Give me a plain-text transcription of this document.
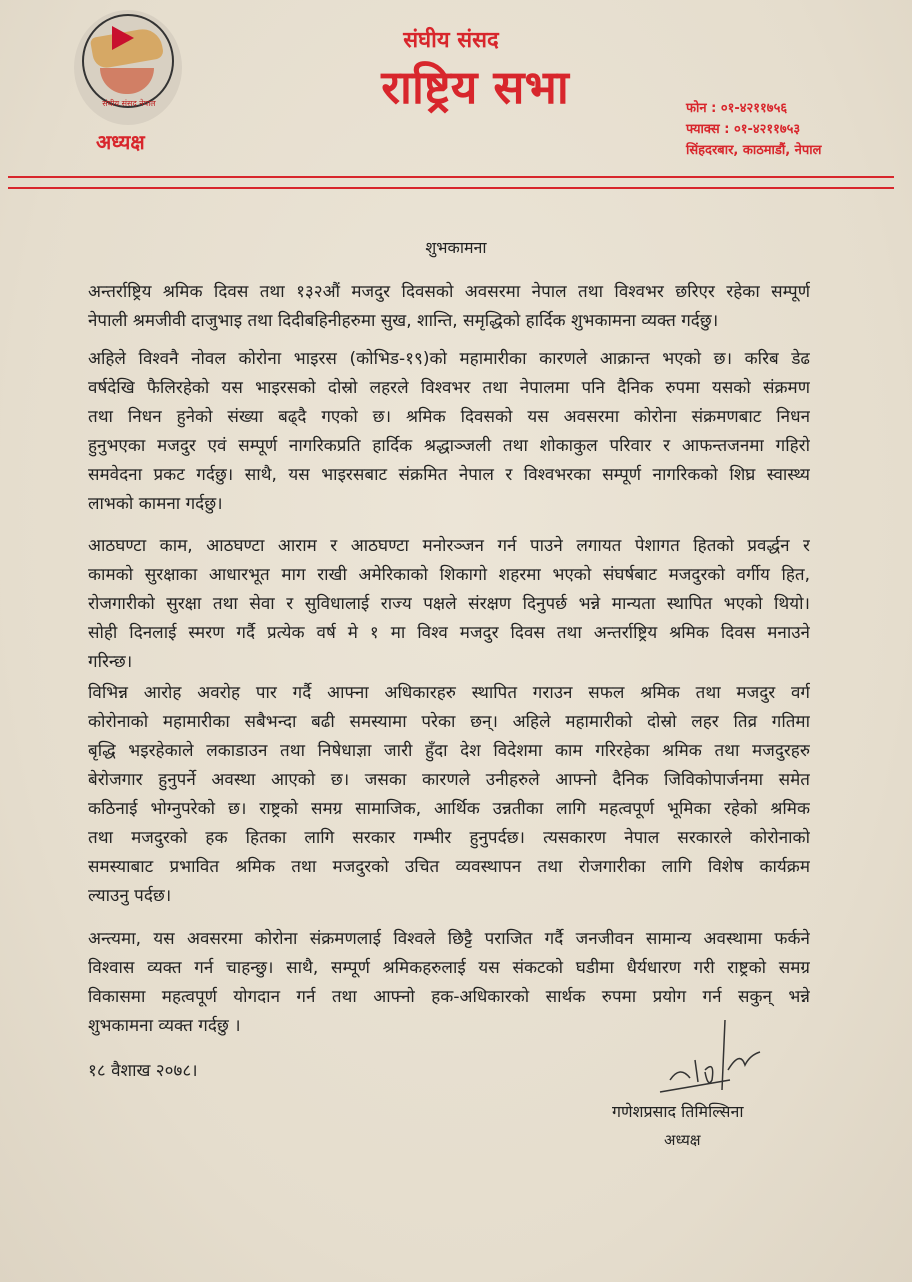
संघीय संसद नेपाल
अध्यक्ष
संघीय संसद
राष्ट्रिय सभा	फोन : ०१-४२११७५६
फ्याक्स : ०१-४२११७५३
सिंहदरबार, काठमाडौं, नेपाल
शुभकामना
अन्तर्राष्ट्रिय श्रमिक दिवस तथा १३२औं मजदुर दिवसको अवसरमा नेपाल तथा विश्वभर छरिएर रहेका सम्पूर्ण
नेपाली श्रमजीवी दाजुभाइ तथा दिदीबहिनीहरुमा सुख, शान्ति, समृद्धिको हार्दिक शुभकामना व्यक्त गर्दछु।
अहिले विश्वनै नोवल कोरोना भाइरस (कोभिड-१९)को महामारीका कारणले आक्रान्त भएको छ। करिब डेढ
वर्षदेखि फैलिरहेको यस भाइरसको दोस्रो लहरले विश्वभर तथा नेपालमा पनि दैनिक रुपमा यसको संक्रमण
तथा निधन हुनेको संख्या बढ्दै गएको छ। श्रमिक दिवसको यस अवसरमा कोरोना संक्रमणबाट निधन
हुनुभएका मजदुर एवं सम्पूर्ण नागरिकप्रति हार्दिक श्रद्धाञ्जली तथा शोकाकुल परिवार र आफन्तजनमा गहिरो
समवेदना प्रकट गर्दछु। साथै, यस भाइरसबाट संक्रमित नेपाल र विश्वभरका सम्पूर्ण नागरिकको शिघ्र स्वास्थ्य
लाभको कामना गर्दछु।
आठघण्टा काम, आठघण्टा आराम र आठघण्टा मनोरञ्जन गर्न पाउने लगायत पेशागत हितको प्रवर्द्धन र
कामको सुरक्षाका आधारभूत माग राखी अमेरिकाको शिकागो शहरमा भएको संघर्षबाट मजदुरको वर्गीय हित,
रोजगारीको सुरक्षा तथा सेवा र सुविधालाई राज्य पक्षले संरक्षण दिनुपर्छ भन्ने मान्यता स्थापित भएको थियो।
सोही दिनलाई स्मरण गर्दै प्रत्येक वर्ष मे १ मा विश्व मजदुर दिवस तथा अन्तर्राष्ट्रिय श्रमिक दिवस मनाउने
गरिन्छ।
विभिन्न आरोह अवरोह पार गर्दै आफ्ना अधिकारहरु स्थापित गराउन सफल श्रमिक तथा मजदुर वर्ग
कोरोनाको महामारीका सबैभन्दा बढी समस्यामा परेका छन्। अहिले महामारीको दोस्रो लहर तिव्र गतिमा
बृद्धि भइरहेकाले लकाडाउन तथा निषेधाज्ञा जारी हुँदा देश विदेशमा काम गरिरहेका श्रमिक तथा मजदुरहरु
बेरोजगार हुनुपर्ने अवस्था आएको छ। जसका कारणले उनीहरुले आफ्नो दैनिक जिविकोपार्जनमा समेत
कठिनाई भोग्नुपरेको छ। राष्ट्रको समग्र सामाजिक, आर्थिक उन्नतीका लागि महत्वपूर्ण भूमिका रहेको श्रमिक
तथा मजदुरको हक हितका लागि सरकार गम्भीर हुनुपर्दछ। त्यसकारण नेपाल सरकारले कोरोनाको
समस्याबाट प्रभावित श्रमिक तथा मजदुरको उचित व्यवस्थापन तथा रोजगारीका लागि विशेष कार्यक्रम
ल्याउनु पर्दछ।
अन्त्यमा, यस अवसरमा कोरोना संक्रमणलाई विश्वले छिट्टै पराजित गर्दै जनजीवन सामान्य अवस्थामा फर्कने
विश्वास व्यक्त गर्न चाहन्छु। साथै, सम्पूर्ण श्रमिकहरुलाई यस संकटको घडीमा धैर्यधारण गरी राष्ट्रको समग्र
विकासमा महत्वपूर्ण योगदान गर्न तथा आफ्नो हक-अधिकारको सार्थक रुपमा प्रयोग गर्न सकुन् भन्ने
शुभकामना व्यक्त गर्दछु ।
१८ वैशाख २०७८।
गणेशप्रसाद तिमिल्सिना
अध्यक्ष
